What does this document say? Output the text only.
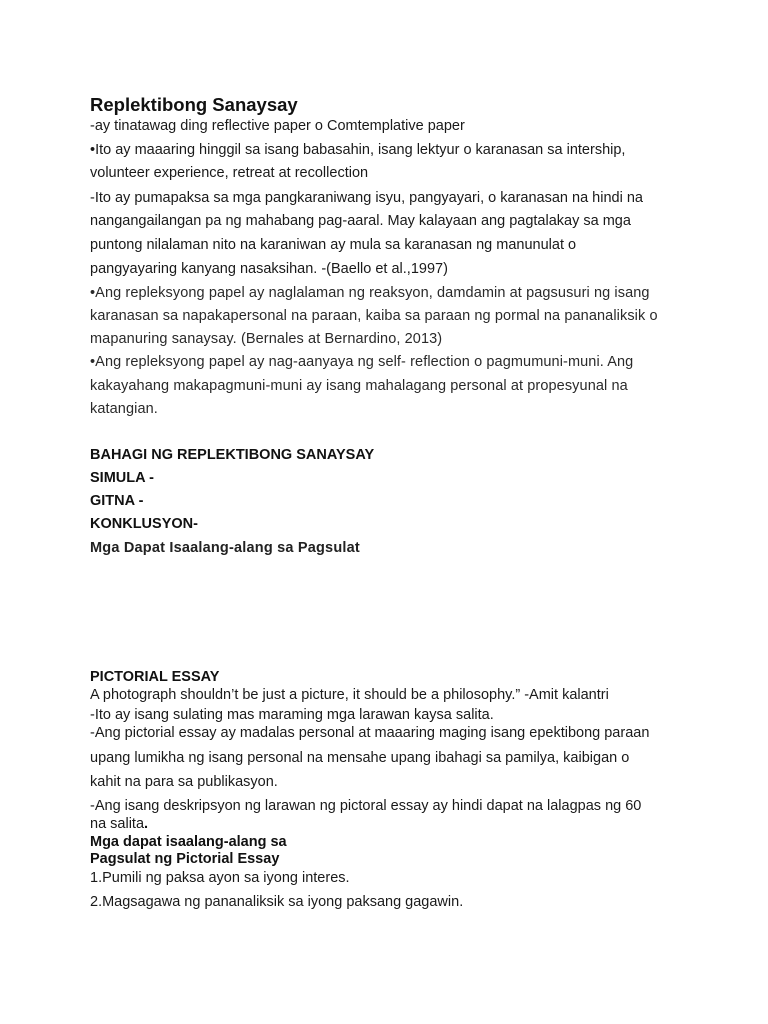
Replektibong Sanaysay

-ay tinatawag ding reflective paper o Comtemplative paper

•Ito ay maaaring hinggil sa isang babasahin, isang lektyur o karanasan sa intership,

volunteer experience, retreat at recollection

-Ito ay pumapaksa sa mga pangkaraniwang isyu, pangyayari, o karanasan na hindi na

nangangailangan pa ng mahabang pag-aaral. May kalayaan ang pagtalakay sa mga

puntong nilalaman nito na karaniwan ay mula sa karanasan ng manunulat o

pangyayaring kanyang nasaksihan. -(Baello et al.,1997)

•Ang repleksyong papel ay naglalaman ng reaksyon, damdamin at pagsusuri ng isang

karanasan sa napakapersonal na paraan, kaiba sa paraan ng pormal na pananaliksik o

mapanuring sanaysay. (Bernales at Bernardino, 2013)

•Ang repleksyong papel ay nag-aanyaya ng self- reflection o pagmumuni-muni. Ang

kakayahang makapagmuni-muni ay isang mahalagang personal at propesyunal na

katangian.

BAHAGI NG REPLEKTIBONG SANAYSAY

SIMULA -

GITNA -

KONKLUSYON-

Mga Dapat Isaalang-alang sa Pagsulat
PICTORIAL ESSAY

A photograph shouldn’t be just a picture, it should be a philosophy.” -Amit kalantri

-Ito ay isang sulating mas maraming mga larawan kaysa salita.

-Ang pictorial essay ay madalas personal at maaaring maging isang epektibong paraan

upang lumikha ng isang personal na mensahe upang ibahagi sa pamilya, kaibigan o

kahit na para sa publikasyon.

-Ang isang deskripsyon ng larawan ng pictoral essay ay hindi dapat na lalagpas ng 60

na salita.

Mga dapat isaalang-alang sa
Pagsulat ng Pictorial Essay

1.Pumili ng paksa ayon sa iyong interes.

2.Magsagawa ng pananaliksik sa iyong paksang gagawin.
